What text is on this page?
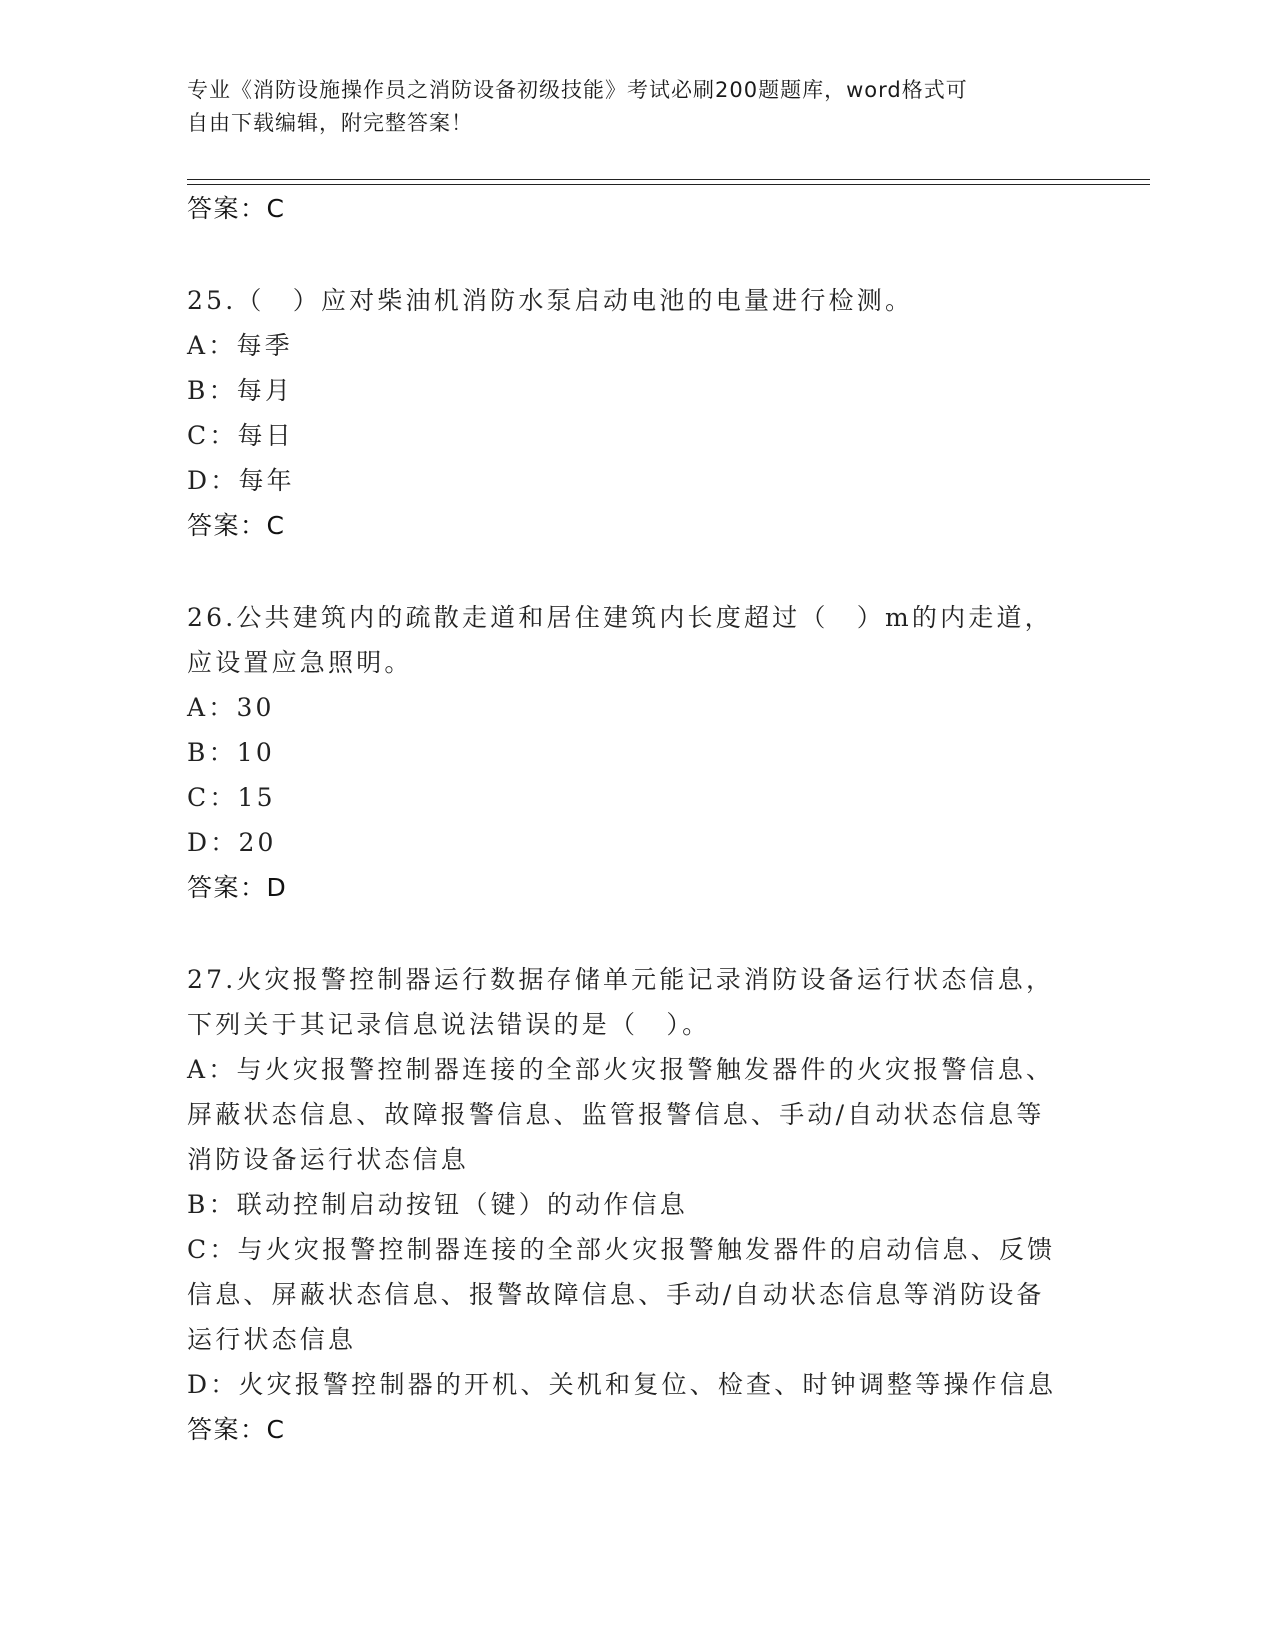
专业《消防设施操作员之消防设备初级技能》考试必刷200题题库，word格式可
自由下载编辑，附完整答案！
答案：C
25.（　）应对柴油机消防水泵启动电池的电量进行检测。
A：每季
B：每月
C：每日
D：每年
答案：C
26.公共建筑内的疏散走道和居住建筑内长度超过（　）m的内走道，
应设置应急照明。
A：30
B：10
C：15
D：20
答案：D
27.火灾报警控制器运行数据存储单元能记录消防设备运行状态信息，
下列关于其记录信息说法错误的是（　）。
A：与火灾报警控制器连接的全部火灾报警触发器件的火灾报警信息、
屏蔽状态信息、故障报警信息、监管报警信息、手动/自动状态信息等
消防设备运行状态信息
B：联动控制启动按钮（键）的动作信息
C：与火灾报警控制器连接的全部火灾报警触发器件的启动信息、反馈
信息、屏蔽状态信息、报警故障信息、手动/自动状态信息等消防设备
运行状态信息
D：火灾报警控制器的开机、关机和复位、检查、时钟调整等操作信息
答案：C
